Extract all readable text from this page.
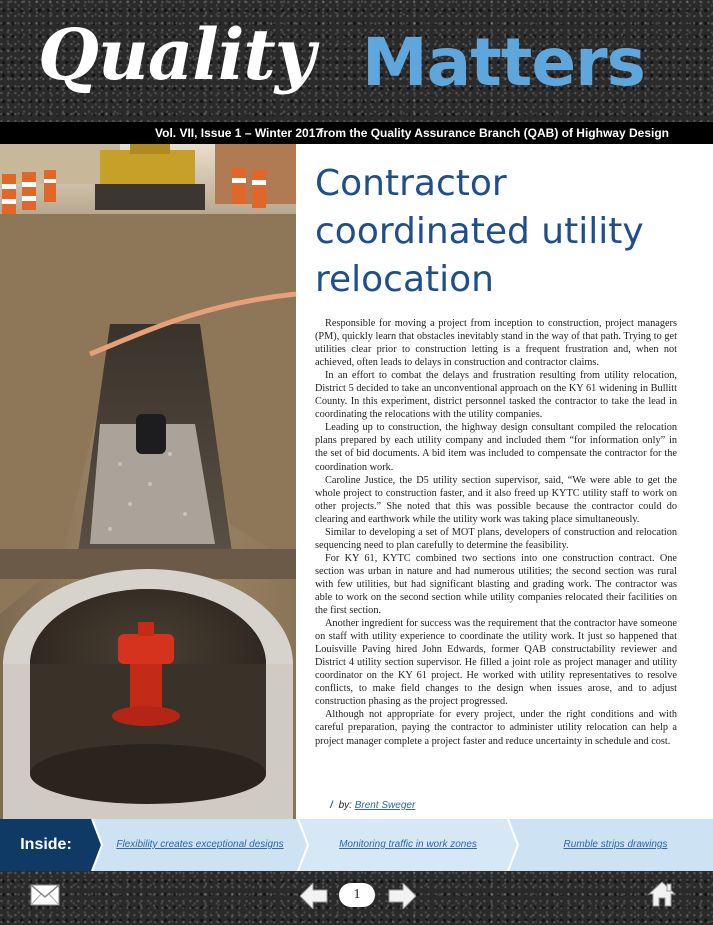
Quality Matters
Vol. VII, Issue 1 – Winter 2017
from the Quality Assurance Branch (QAB) of Highway Design
Contractor coordinated utility relocation

Responsible for moving a project from inception to construction, project managers (PM), quickly learn that obstacles inevitably stand in the way of that path. Trying to get utilities clear prior to construction letting is a frequent frustration and, when not achieved, often leads to delays in construction and contractor claims.

In an effort to combat the delays and frustration resulting from utility relocation, District 5 decided to take an unconventional approach on the KY 61 widening in Bullitt County. In this experiment, district personnel tasked the contractor to take the lead in coordinating the relocations with the utility companies.

Leading up to construction, the highway design consultant compiled the relocation plans prepared by each utility company and included them “for information only” in the set of bid documents. A bid item was included to compensate the contractor for the coordination work.

Caroline Justice, the D5 utility section supervisor, said, “We were able to get the whole project to construction faster, and it also freed up KYTC utility staff to work on other projects.” She noted that this was possible because the contractor could do clearing and earthwork while the utility work was taking place simultaneously.

Similar to developing a set of MOT plans, developers of construction and relocation sequencing need to plan carefully to determine the feasibility.

For KY 61, KYTC combined two sections into one construction contract. One section was urban in nature and had numerous utilities; the second section was rural with few utilities, but had significant blasting and grading work. The contractor was able to work on the second section while utility companies relocated their facilities on the first section.

Another ingredient for success was the requirement that the contractor have someone on staff with utility experience to coordinate the utility work. It just so happened that Louisville Paving hired John Edwards, former QAB constructability reviewer and District 4 utility section supervisor. He filled a joint role as project manager and utility coordinator on the KY 61 project. He worked with utility representatives to resolve conflicts, to make field changes to the design when issues arose, and to adjust construction phasing as the project progressed.

Although not appropriate for every project, under the right conditions and with careful preparation, paying the contractor to administer utility relocation can help a project manager complete a project faster and reduce uncertainty in schedule and cost.

/ by: Brent Sweger
Inside:	Flexibility creates exceptional designs	Monitoring traffic in work zones	Rumble strips drawings
1
